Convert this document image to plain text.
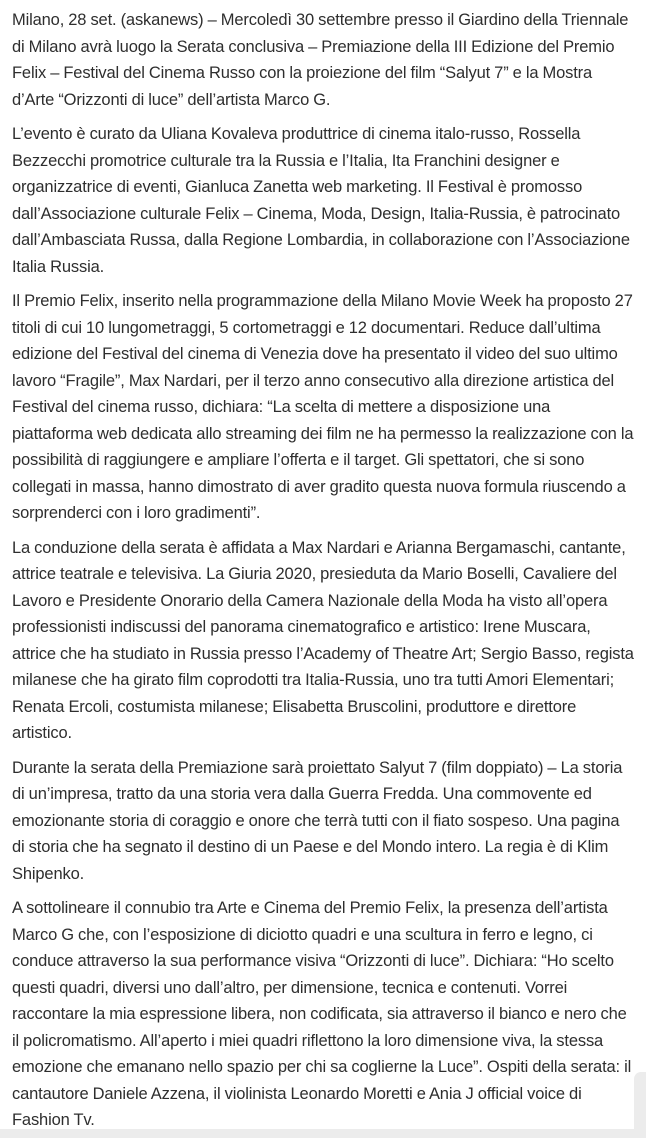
Milano, 28 set. (askanews) – Mercoledì 30 settembre presso il Giardino della Triennale di Milano avrà luogo la Serata conclusiva – Premiazione della III Edizione del Premio Felix – Festival del Cinema Russo con la proiezione del film “Salyut 7” e la Mostra d’Arte “Orizzonti di luce” dell’artista Marco G.

L’evento è curato da Uliana Kovaleva produttrice di cinema italo-russo, Rossella Bezzecchi promotrice culturale tra la Russia e l’Italia, Ita Franchini designer e organizzatrice di eventi, Gianluca Zanetta web marketing. Il Festival è promosso dall’Associazione culturale Felix – Cinema, Moda, Design, Italia-Russia, è patrocinato dall’Ambasciata Russa, dalla Regione Lombardia, in collaborazione con l’Associazione Italia Russia.

Il Premio Felix, inserito nella programmazione della Milano Movie Week ha proposto 27 titoli di cui 10 lungometraggi, 5 cortometraggi e 12 documentari. Reduce dall’ultima edizione del Festival del cinema di Venezia dove ha presentato il video del suo ultimo lavoro “Fragile”, Max Nardari, per il terzo anno consecutivo alla direzione artistica del Festival del cinema russo, dichiara: “La scelta di mettere a disposizione una piattaforma web dedicata allo streaming dei film ne ha permesso la realizzazione con la possibilità di raggiungere e ampliare l’offerta e il target. Gli spettatori, che si sono collegati in massa, hanno dimostrato di aver gradito questa nuova formula riuscendo a sorprenderci con i loro gradimenti”.

La conduzione della serata è affidata a Max Nardari e Arianna Bergamaschi, cantante, attrice teatrale e televisiva. La Giuria 2020, presieduta da Mario Boselli, Cavaliere del Lavoro e Presidente Onorario della Camera Nazionale della Moda ha visto all’opera professionisti indiscussi del panorama cinematografico e artistico: Irene Muscara, attrice che ha studiato in Russia presso l’Academy of Theatre Art; Sergio Basso, regista milanese che ha girato film coprodotti tra Italia-Russia, uno tra tutti Amori Elementari; Renata Ercoli, costumista milanese; Elisabetta Bruscolini, produttore e direttore artistico.

Durante la serata della Premiazione sarà proiettato Salyut 7 (film doppiato) – La storia di un’impresa, tratto da una storia vera dalla Guerra Fredda. Una commovente ed emozionante storia di coraggio e onore che terrà tutti con il fiato sospeso. Una pagina di storia che ha segnato il destino di un Paese e del Mondo intero. La regia è di Klim Shipenko.

A sottolineare il connubio tra Arte e Cinema del Premio Felix, la presenza dell’artista Marco G che, con l’esposizione di diciotto quadri e una scultura in ferro e legno, ci conduce attraverso la sua performance visiva “Orizzonti di luce”. Dichiara: “Ho scelto questi quadri, diversi uno dall’altro, per dimensione, tecnica e contenuti. Vorrei raccontare la mia espressione libera, non codificata, sia attraverso il bianco e nero che il policromatismo. All’aperto i miei quadri riflettono la loro dimensione viva, la stessa emozione che emanano nello spazio per chi sa coglierne la Luce”. Ospiti della serata: il cantautore Daniele Azzena, il violinista Leonardo Moretti e Ania J official voice di Fashion Tv.
